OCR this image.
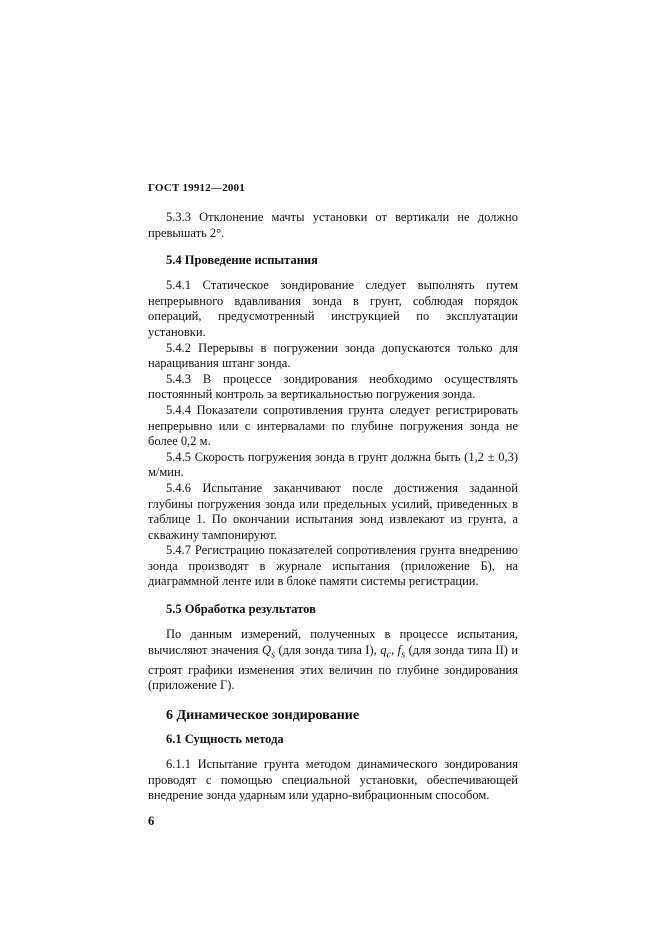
ГОСТ 19912—2001

5.3.3 Отклонение мачты установки от вертикали не должно превышать 2°.

5.4 Проведение испытания

5.4.1 Статическое зондирование следует выполнять путем непрерывного вдавливания зонда в грунт, соблюдая порядок операций, предусмотренный инструкцией по эксплуатации установки.

5.4.2 Перерывы в погружении зонда допускаются только для наращивания штанг зонда.

5.4.3 В процессе зондирования необходимо осуществлять постоянный контроль за вертикальностью погружения зонда.

5.4.4 Показатели сопротивления грунта следует регистрировать непрерывно или с интервалами по глубине погружения зонда не более 0,2 м.

5.4.5 Скорость погружения зонда в грунт должна быть (1,2 ± 0,3) м/мин.

5.4.6 Испытание заканчивают после достижения заданной глубины погружения зонда или предельных усилий, приведенных в таблице 1. По окончании испытания зонд извлекают из грунта, а скважину тампонируют.

5.4.7 Регистрацию показателей сопротивления грунта внедрению зонда производят в журнале испытания (приложение Б), на диаграммной ленте или в блоке памяти системы регистрации.

5.5 Обработка результатов

По данным измерений, полученных в процессе испытания, вычисляют значения $Q_s$ (для зонда типа I), $q_c$, $f_s$ (для зонда типа II) и строят графики изменения этих величин по глубине зондирования (приложение Г).

6 Динамическое зондирование
6.1 Сущность метода

6.1.1 Испытание грунта методом динамического зондирования проводят с помощью специальной установки, обеспечивающей внедрение зонда ударным или ударно-вибрационным способом.

6
